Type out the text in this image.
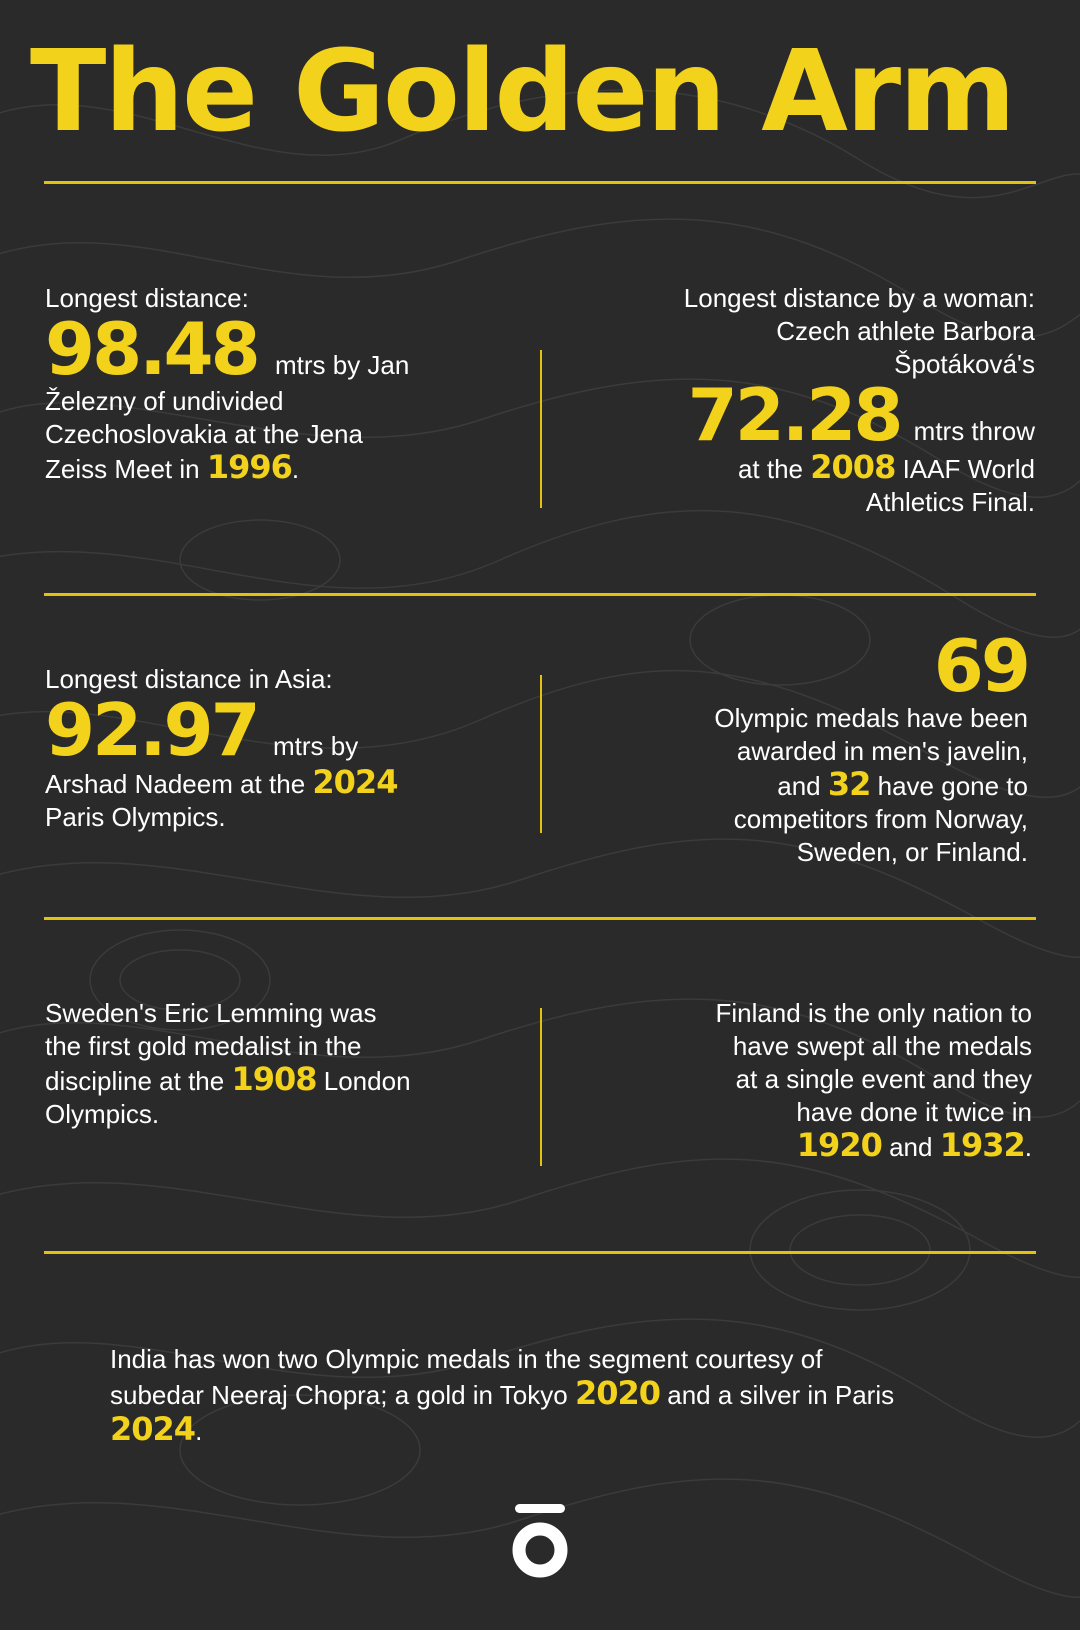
The Golden Arm
Longest distance:
98.48 mtrs by Jan
Železny of undivided
Czechoslovakia at the Jena
Zeiss Meet in 1996.
Longest distance by a woman:
Czech athlete Barbora
Špotáková's
72.28 mtrs throw
at the 2008 IAAF World
Athletics Final.
Longest distance in Asia:
92.97 mtrs by
Arshad Nadeem at the 2024
Paris Olympics.
69
Olympic medals have been
awarded in men's javelin,
and 32 have gone to
competitors from Norway,
Sweden, or Finland.
Sweden's Eric Lemming was
the first gold medalist in the
discipline at the 1908 London
Olympics.
Finland is the only nation to
have swept all the medals
at a single event and they
have done it twice in
1920 and 1932.
India has won two Olympic medals in the segment courtesy of
subedar Neeraj Chopra; a gold in Tokyo 2020 and a silver in Paris
2024.
